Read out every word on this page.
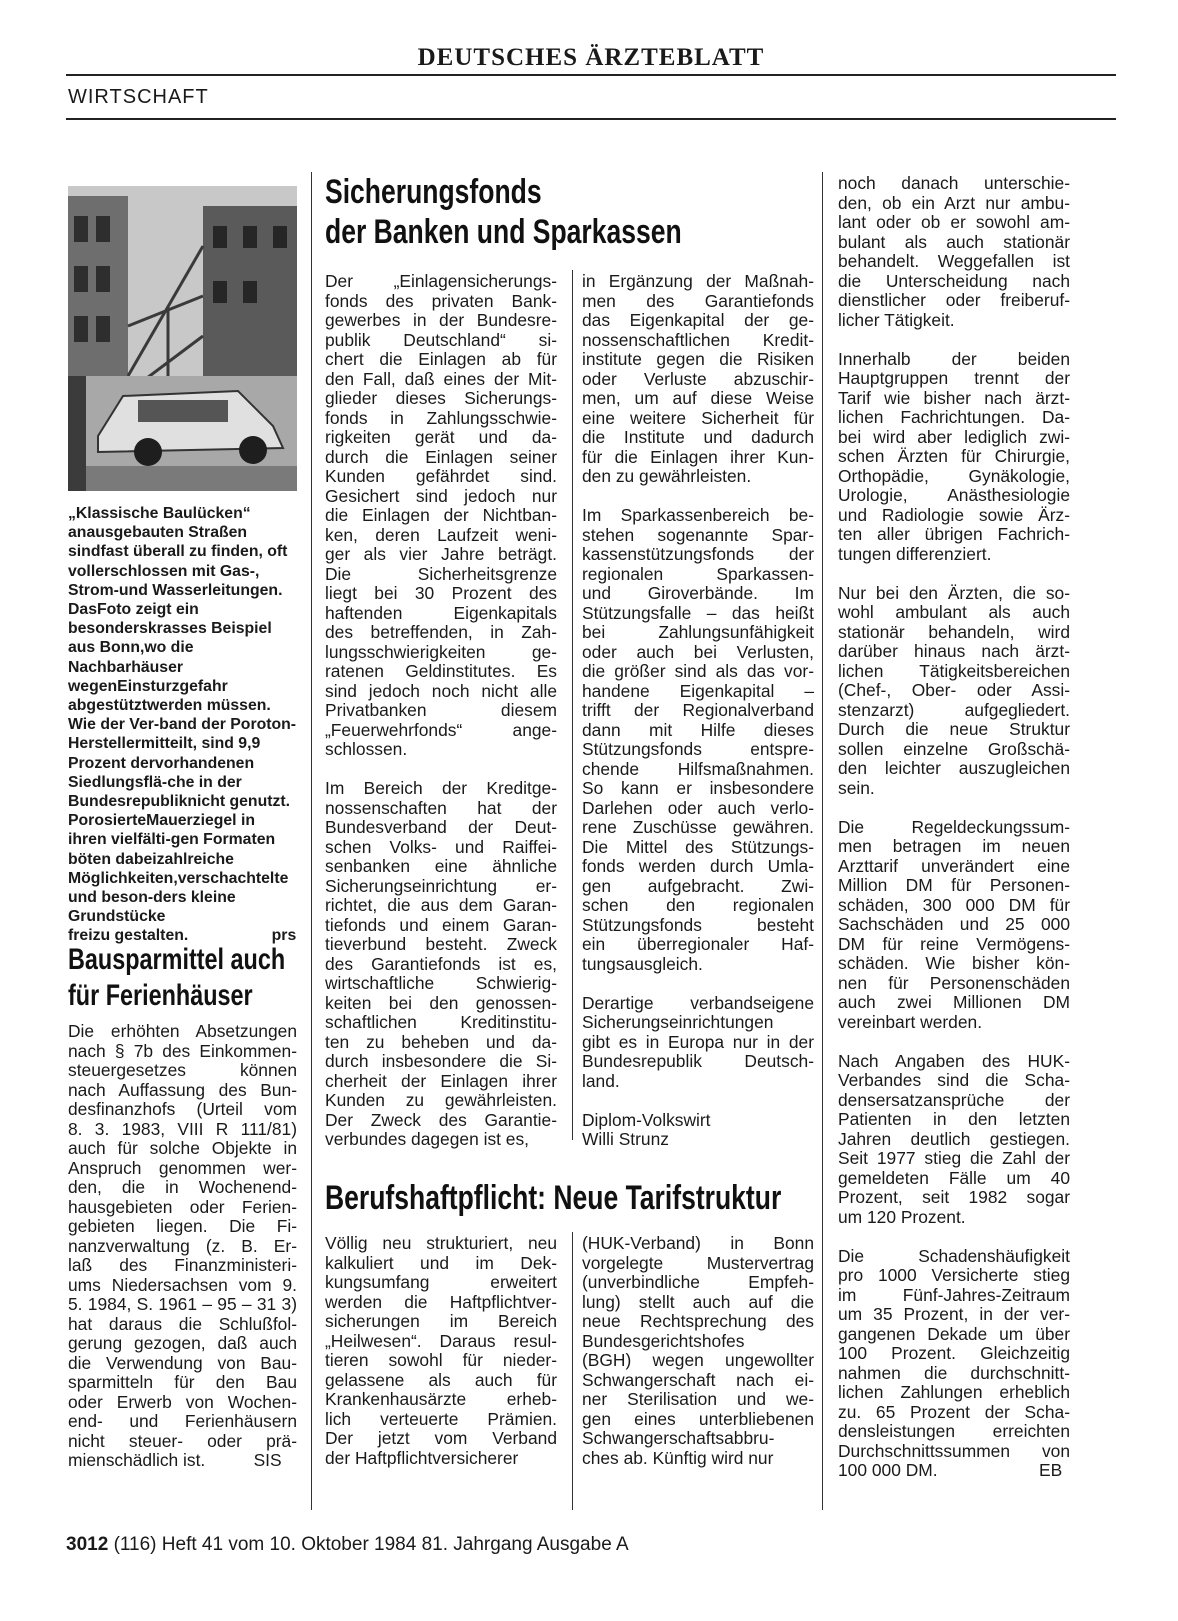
DEUTSCHES ÄRZTEBLATT
WIRTSCHAFT
„Klassische Baulücken“ anausgebauten Straßen sindfast überall zu finden, oft vollerschlossen mit Gas-, Strom-und Wasserleitungen. DasFoto zeigt ein besonderskrasses Beispiel aus Bonn,wo die Nachbarhäuser wegenEinsturzgefahr abgestütztwerden müssen. Wie der Ver-band der Poroton-Herstellermitteilt, sind 9,9 Prozent dervorhandenen Siedlungsflä-che in der Bundesrepubliknicht genutzt. PorosierteMauerziegel in ihren vielfälti-gen Formaten böten dabeizahlreiche Möglichkeiten,verschachtelte und beson-ders kleine Grundstücke freizu gestalten.                   prs
Bausparmittel auch
für Ferienhäuser
Die erhöhten Absetzungen
nach § 7b des Einkommen-
steuergesetzes können
nach Auffassung des Bun-
desfinanzhofs (Urteil vom
8. 3. 1983, VIII R 111/81)
auch für solche Objekte in
Anspruch genommen wer-
den, die in Wochenend-
hausgebieten oder Ferien-
gebieten liegen. Die Fi-
nanzverwaltung (z. B. Er-
laß des Finanzministeri-
ums Niedersachsen vom 9.
5. 1984, S. 1961 – 95 – 31 3)
hat daraus die Schlußfol-
gerung gezogen, daß auch
die Verwendung von Bau-
sparmitteln für den Bau
oder Erwerb von Wochen-
end- und Ferienhäusern
nicht steuer- oder prä-
mienschädlich ist.          SIS
Sicherungsfonds
der Banken und Sparkassen
Der „Einlagensicherungs-
fonds des privaten Bank-
gewerbes in der Bundesre-
publik Deutschland“ si-
chert die Einlagen ab für
den Fall, daß eines der Mit-
glieder dieses Sicherungs-
fonds in Zahlungsschwie-
rigkeiten gerät und da-
durch die Einlagen seiner
Kunden gefährdet sind.
Gesichert sind jedoch nur
die Einlagen der Nichtban-
ken, deren Laufzeit weni-
ger als vier Jahre beträgt.
Die Sicherheitsgrenze
liegt bei 30 Prozent des
haftenden Eigenkapitals
des betreffenden, in Zah-
lungsschwierigkeiten ge-
ratenen Geldinstitutes. Es
sind jedoch noch nicht alle
Privatbanken diesem
„Feuerwehrfonds“ ange-
schlossen.
Im Bereich der Kreditge-
nossenschaften hat der
Bundesverband der Deut-
schen Volks- und Raiffei-
senbanken eine ähnliche
Sicherungseinrichtung er-
richtet, die aus dem Garan-
tiefonds und einem Garan-
tieverbund besteht. Zweck
des Garantiefonds ist es,
wirtschaftliche Schwierig-
keiten bei den genossen-
schaftlichen Kreditinstitu-
ten zu beheben und da-
durch insbesondere die Si-
cherheit der Einlagen ihrer
Kunden zu gewährleisten.
Der Zweck des Garantie-
verbundes dagegen ist es,
in Ergänzung der Maßnah-
men des Garantiefonds
das Eigenkapital der ge-
nossenschaftlichen Kredit-
institute gegen die Risiken
oder Verluste abzuschir-
men, um auf diese Weise
eine weitere Sicherheit für
die Institute und dadurch
für die Einlagen ihrer Kun-
den zu gewährleisten.
Im Sparkassenbereich be-
stehen sogenannte Spar-
kassenstützungsfonds der
regionalen Sparkassen-
und Giroverbände. Im
Stützungsfalle – das heißt
bei Zahlungsunfähigkeit
oder auch bei Verlusten,
die größer sind als das vor-
handene Eigenkapital –
trifft der Regionalverband
dann mit Hilfe dieses
Stützungsfonds entspre-
chende Hilfsmaßnahmen.
So kann er insbesondere
Darlehen oder auch verlo-
rene Zuschüsse gewähren.
Die Mittel des Stützungs-
fonds werden durch Umla-
gen aufgebracht. Zwi-
schen den regionalen
Stützungsfonds besteht
ein überregionaler Haf-
tungsausgleich.
Derartige verbandseigene
Sicherungseinrichtungen
gibt es in Europa nur in der
Bundesrepublik Deutsch-
land.
Diplom-Volkswirt
Willi Strunz
Berufshaftpflicht: Neue Tarifstruktur
Völlig neu strukturiert, neu
kalkuliert und im Dek-
kungsumfang erweitert
werden die Haftpflichtver-
sicherungen im Bereich
„Heilwesen“. Daraus resul-
tieren sowohl für nieder-
gelassene als auch für
Krankenhausärzte erheb-
lich verteuerte Prämien.
Der jetzt vom Verband
der Haftpflichtversicherer
(HUK-Verband) in Bonn
vorgelegte Mustervertrag
(unverbindliche Empfeh-
lung) stellt auch auf die
neue Rechtsprechung des
Bundesgerichtshofes
(BGH) wegen ungewollter
Schwangerschaft nach ei-
ner Sterilisation und we-
gen eines unterbliebenen
Schwangerschaftsabbru-
ches ab. Künftig wird nur
noch danach unterschie-
den, ob ein Arzt nur ambu-
lant oder ob er sowohl am-
bulant als auch stationär
behandelt. Weggefallen ist
die Unterscheidung nach
dienstlicher oder freiberuf-
licher Tätigkeit.
Innerhalb der beiden
Hauptgruppen trennt der
Tarif wie bisher nach ärzt-
lichen Fachrichtungen. Da-
bei wird aber lediglich zwi-
schen Ärzten für Chirurgie,
Orthopädie, Gynäkologie,
Urologie, Anästhesiologie
und Radiologie sowie Ärz-
ten aller übrigen Fachrich-
tungen differenziert.
Nur bei den Ärzten, die so-
wohl ambulant als auch
stationär behandeln, wird
darüber hinaus nach ärzt-
lichen Tätigkeitsbereichen
(Chef-, Ober- oder Assi-
stenzarzt) aufgegliedert.
Durch die neue Struktur
sollen einzelne Großschä-
den leichter auszugleichen
sein.
Die Regeldeckungssum-
men betragen im neuen
Arzttarif unverändert eine
Million DM für Personen-
schäden, 300 000 DM für
Sachschäden und 25 000
DM für reine Vermögens-
schäden. Wie bisher kön-
nen für Personenschäden
auch zwei Millionen DM
vereinbart werden.
Nach Angaben des HUK-
Verbandes sind die Scha-
densersatzansprüche der
Patienten in den letzten
Jahren deutlich gestiegen.
Seit 1977 stieg die Zahl der
gemeldeten Fälle um 40
Prozent, seit 1982 sogar
um 120 Prozent.
Die Schadenshäufigkeit
pro 1000 Versicherte stieg
im Fünf-Jahres-Zeitraum
um 35 Prozent, in der ver-
gangenen Dekade um über
100 Prozent. Gleichzeitig
nahmen die durchschnitt-
lichen Zahlungen erheblich
zu. 65 Prozent der Scha-
densleistungen erreichten
Durchschnittssummen von
100 000 DM.                     EB
3012 (116) Heft 41 vom 10. Oktober 1984 81. Jahrgang Ausgabe A
